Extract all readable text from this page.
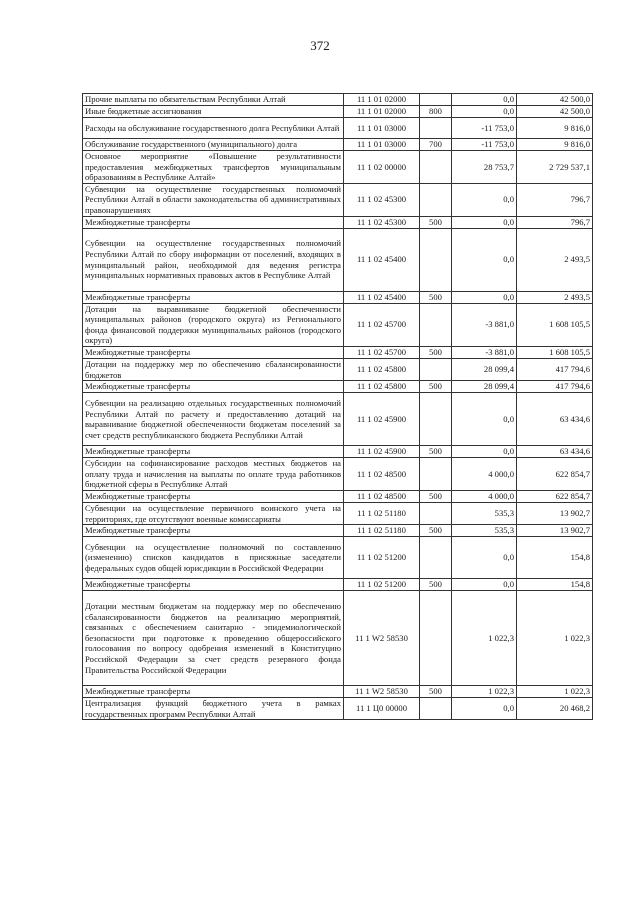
372
Прочие выплаты по обязательствам Республики Алтай	11 1 01 02000		0,0	42 500,0
Иные бюджетные ассигнования	11 1 01 02000	800	0,0	42 500,0
Расходы на обслуживание государственного долга Республики Алтай	11 1 01 03000		-11 753,0	9 816,0
Обслуживание государственного (муниципального) долга	11 1 01 03000	700	-11 753,0	9 816,0
Основное мероприятие «Повышение результативности предоставления межбюджетных трансфертов муниципальным образованиям в Республике Алтай»	11 1 02 00000		28 753,7	2 729 537,1
Субвенции на осуществление государственных полномочий Республики Алтай в области законодательства об административных правонарушениях	11 1 02 45300		0,0	796,7
Межбюджетные трансферты	11 1 02 45300	500	0,0	796,7
Субвенции на осуществление государственных полномочий Республики Алтай по сбору информации от поселений, входящих в муниципальный район, необходимой для ведения регистра муниципальных нормативных правовых актов в Республике Алтай	11 1 02 45400		0,0	2 493,5
Межбюджетные трансферты	11 1 02 45400	500	0,0	2 493,5
Дотации на выравнивание бюджетной обеспеченности муниципальных районов (городского округа) из Регионального фонда финансовой поддержки муниципальных районов (городского округа)	11 1 02 45700		-3 881,0	1 608 105,5
Межбюджетные трансферты	11 1 02 45700	500	-3 881,0	1 608 105,5
Дотации на поддержку мер по обеспечению сбалансированности бюджетов	11 1 02 45800		28 099,4	417 794,6
Межбюджетные трансферты	11 1 02 45800	500	28 099,4	417 794,6
Субвенции на реализацию отдельных государственных полномочий Республики Алтай по расчету и предоставлению дотаций на выравнивание бюджетной обеспеченности бюджетам поселений за счет средств республиканского бюджета Республики Алтай	11 1 02 45900		0,0	63 434,6
Межбюджетные трансферты	11 1 02 45900	500	0,0	63 434,6
Субсидии на софинансирование расходов местных бюджетов на оплату труда и начисления на выплаты по оплате труда работников бюджетной сферы в Республике Алтай	11 1 02 48500		4 000,0	622 854,7
Межбюджетные трансферты	11 1 02 48500	500	4 000,0	622 854,7
Субвенции на осуществление первичного воинского учета на территориях, где отсутствуют военные комиссариаты	11 1 02 51180		535,3	13 902,7
Межбюджетные трансферты	11 1 02 51180	500	535,3	13 902,7
Субвенции на осуществление полномочий по составлению (изменению) списков кандидатов в присяжные заседатели федеральных судов общей юрисдикции в Российской Федерации	11 1 02 51200		0,0	154,8
Межбюджетные трансферты	11 1 02 51200	500	0,0	154,8
Дотации местным бюджетам на поддержку мер по обеспечению сбалансированности бюджетов на реализацию мероприятий, связанных с обеспечением санитарно - эпидемиологической безопасности при подготовке к проведению общероссийского голосования по вопросу одобрения изменений в Конституцию Российской Федерации за счет средств резервного фонда Правительства Российской Федерации	11 1 W2 58530		1 022,3	1 022,3
Межбюджетные трансферты	11 1 W2 58530	500	1 022,3	1 022,3
Централизация функций бюджетного учета в рамках государственных программ Республики Алтай	11 1 Ц0 00000		0,0	20 468,2
